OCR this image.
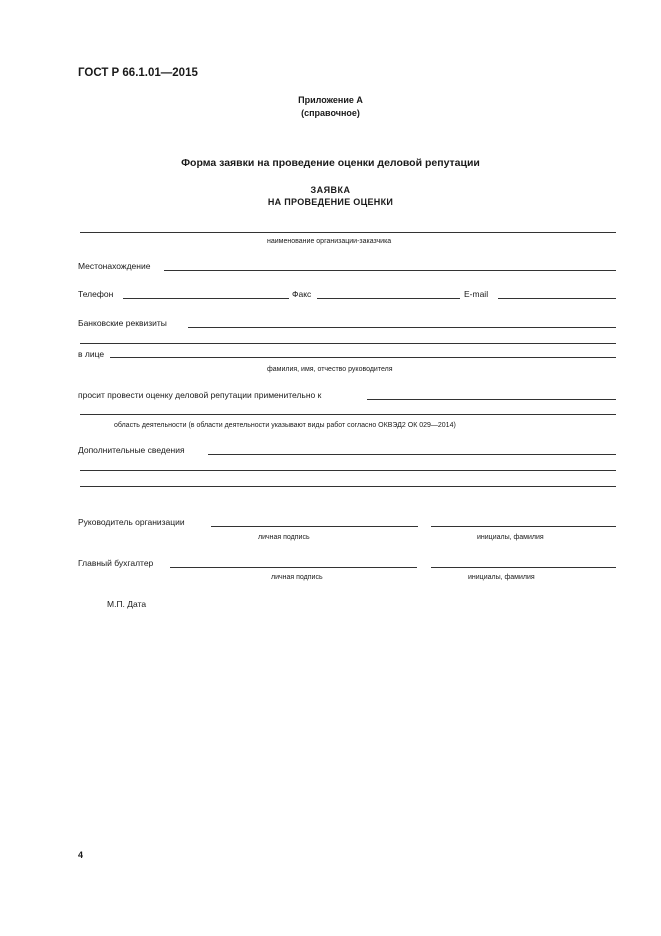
ГОСТ Р 66.1.01—2015
Приложение А
(справочное)
Форма заявки на проведение оценки деловой репутации
ЗАЯВКА
НА ПРОВЕДЕНИЕ ОЦЕНКИ
наименование организации-заказчика
Местонахождение
Телефон	Факс	E-mail
Банковские реквизиты
в лице
фамилия, имя, отчество руководителя
просит провести оценку деловой репутации применительно к
область деятельности (в области деятельности указывают виды работ согласно ОКВЭД2 ОК 029—2014)
Дополнительные сведения
Руководитель организации
личная подпись	инициалы, фамилия
Главный бухгалтер
личная подпись	инициалы, фамилия
М.П. Дата
4
